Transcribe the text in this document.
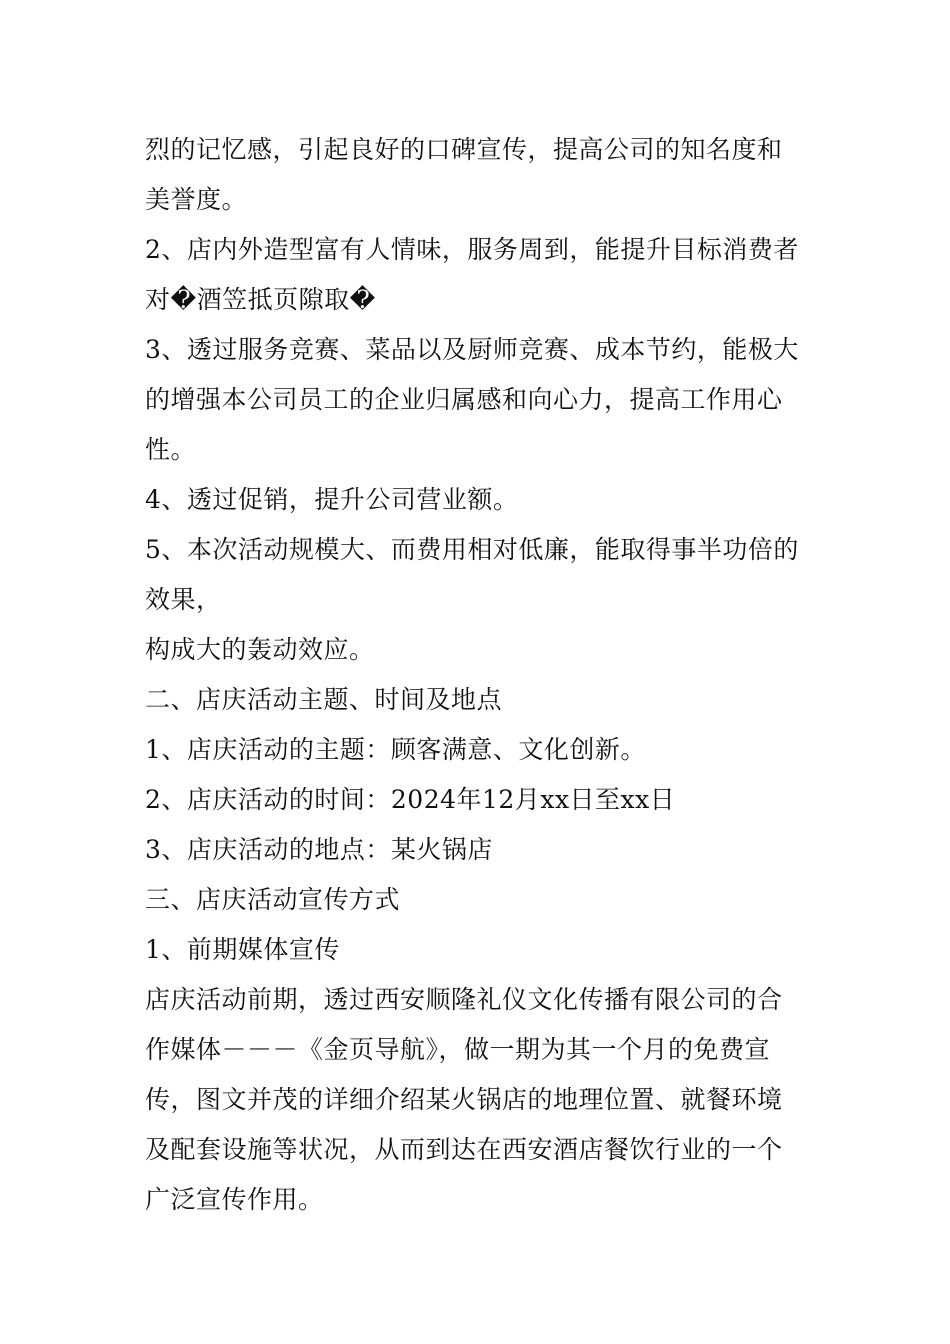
烈的记忆感，引起良好的口碑宣传，提高公司的知名度和
美誉度。
2、店内外造型富有人情味，服务周到，能提升目标消费者
对�酒笠抵页隙取�
3、透过服务竞赛、菜品以及厨师竞赛、成本节约，能极大
的增强本公司员工的企业归属感和向心力，提高工作用心
性。
4、透过促销，提升公司营业额。
5、本次活动规模大、而费用相对低廉，能取得事半功倍的
效果，
构成大的轰动效应。
二、店庆活动主题、时间及地点
1、店庆活动的主题：顾客满意、文化创新。
2、店庆活动的时间：2024年12月xx日至xx日
3、店庆活动的地点：某火锅店
三、店庆活动宣传方式
1、前期媒体宣传
店庆活动前期，透过西安顺隆礼仪文化传播有限公司的合
作媒体－－－《金页导航》，做一期为其一个月的免费宣
传，图文并茂的详细介绍某火锅店的地理位置、就餐环境
及配套设施等状况，从而到达在西安酒店餐饮行业的一个
广泛宣传作用。
